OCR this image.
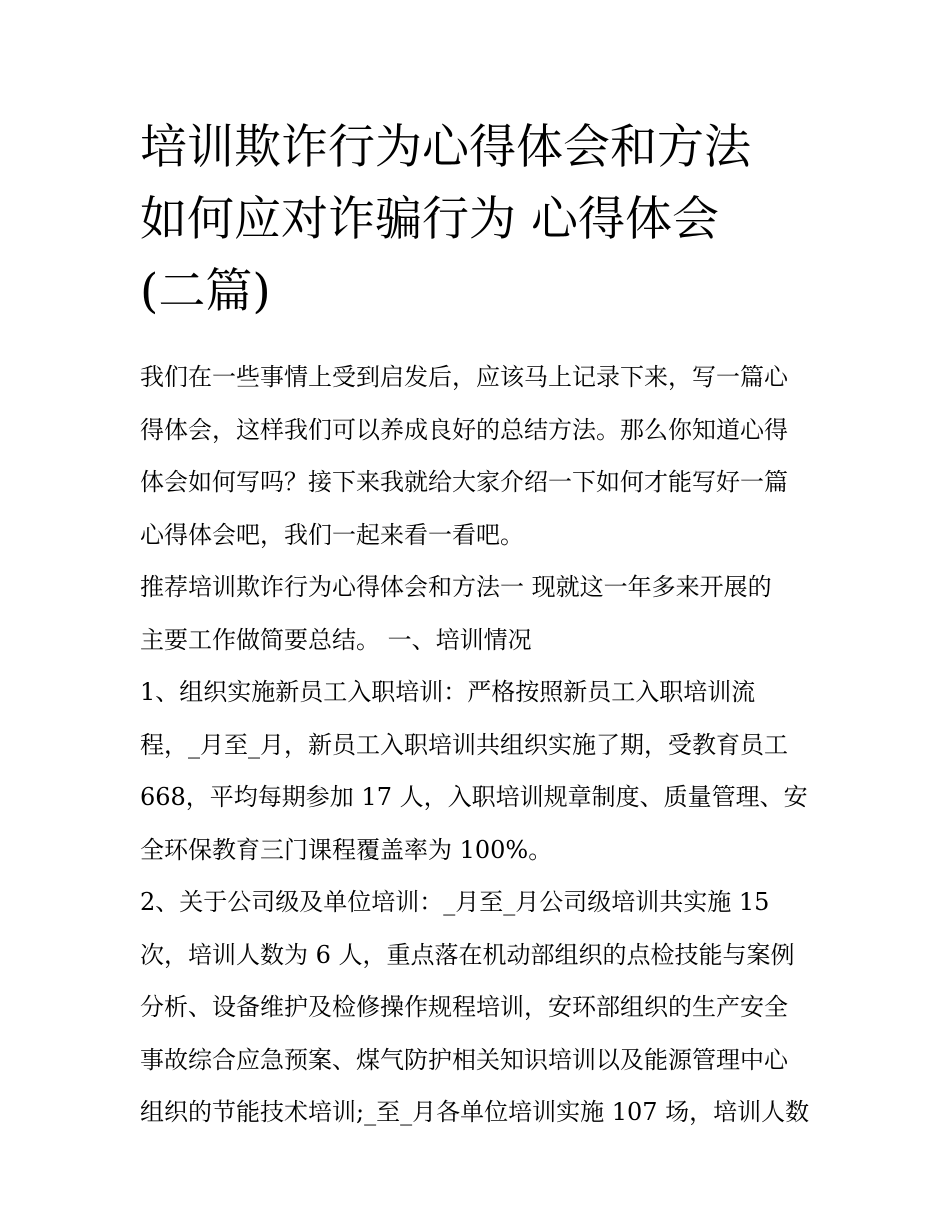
培训欺诈行为心得体会和方法
如何应对诈骗行为 心得体会
(二篇)
我们在一些事情上受到启发后，应该马上记录下来，写一篇心
得体会，这样我们可以养成良好的总结方法。那么你知道心得
体会如何写吗？接下来我就给大家介绍一下如何才能写好一篇
心得体会吧，我们一起来看一看吧。
推荐培训欺诈行为心得体会和方法一 现就这一年多来开展的
主要工作做简要总结。 一、培训情况
1、组织实施新员工入职培训：严格按照新员工入职培训流
程，_月至_月，新员工入职培训共组织实施了期，受教育员工
668，平均每期参加 17 人，入职培训规章制度、质量管理、安
全环保教育三门课程覆盖率为 100%。
2、关于公司级及单位培训：_月至_月公司级培训共实施 15
次，培训人数为 6 人，重点落在机动部组织的点检技能与案例
分析、设备维护及检修操作规程培训，安环部组织的生产安全
事故综合应急预案、煤气防护相关知识培训以及能源管理中心
组织的节能技术培训;_至_月各单位培训实施 107 场，培训人数
